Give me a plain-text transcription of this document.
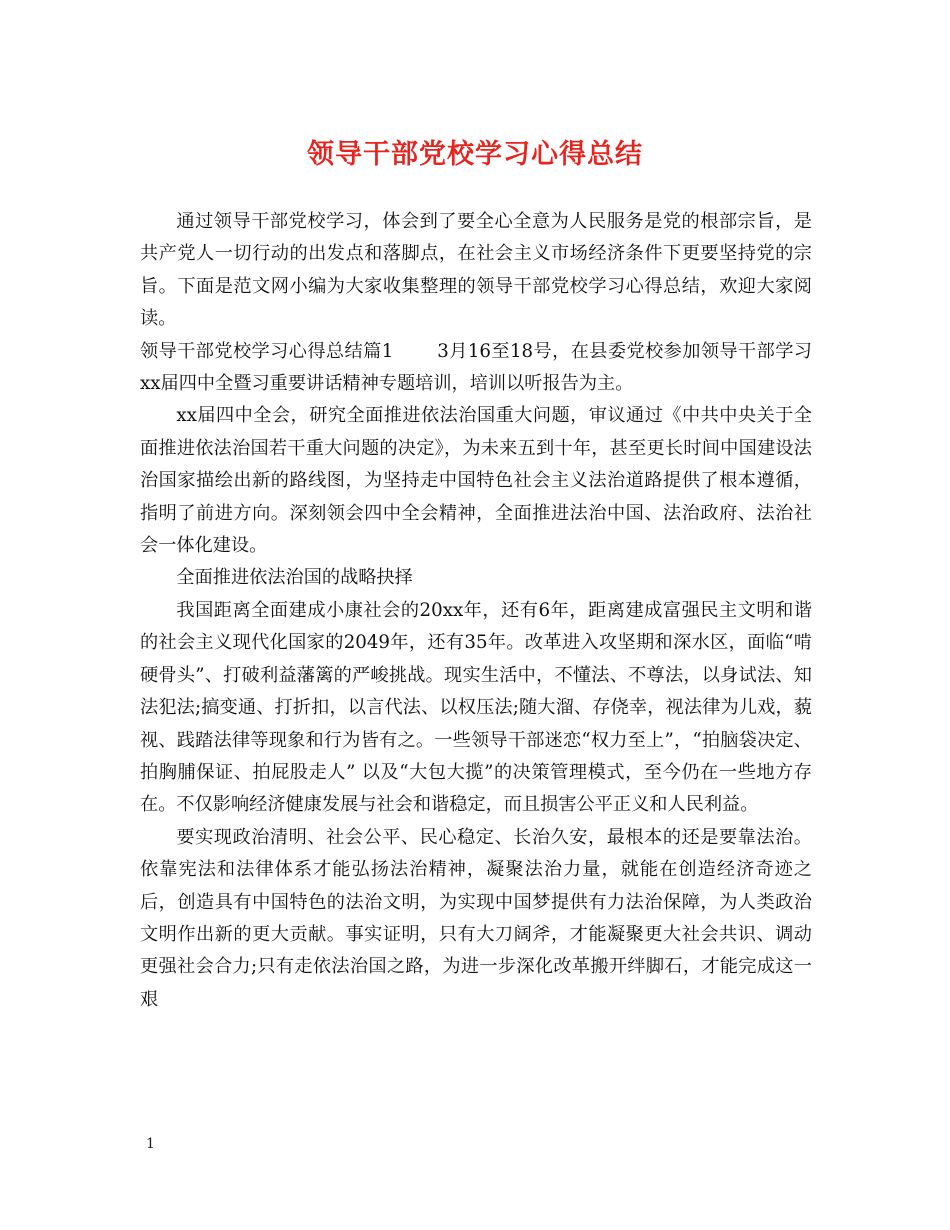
领导干部党校学习心得总结

通过领导干部党校学习，体会到了要全心全意为人民服务是党的根部宗旨，是共产党人一切行动的出发点和落脚点，在社会主义市场经济条件下更要坚持党的宗旨。下面是范文网小编为大家收集整理的领导干部党校学习心得总结，欢迎大家阅读。

领导干部党校学习心得总结篇1 3月16至18号，在县委党校参加领导干部学习xx届四中全暨习重要讲话精神专题培训，培训以听报告为主。

xx届四中全会，研究全面推进依法治国重大问题，审议通过《中共中央关于全面推进依法治国若干重大问题的决定》，为未来五到十年，甚至更长时间中国建设法治国家描绘出新的路线图，为坚持走中国特色社会主义法治道路提供了根本遵循，指明了前进方向。深刻领会四中全会精神，全面推进法治中国、法治政府、法治社会一体化建设。

全面推进依法治国的战略抉择

我国距离全面建成小康社会的20xx年，还有6年，距离建成富强民主文明和谐的社会主义现代化国家的2049年，还有35年。改革进入攻坚期和深水区，面临“啃硬骨头”、打破利益藩篱的严峻挑战。现实生活中，不懂法、不尊法，以身试法、知法犯法;搞变通、打折扣，以言代法、以权压法;随大溜、存侥幸，视法律为儿戏，藐视、践踏法律等现象和行为皆有之。一些领导干部迷恋“权力至上”，“拍脑袋决定、拍胸脯保证、拍屁股走人” 以及“大包大揽”的决策管理模式，至今仍在一些地方存在。不仅影响经济健康发展与社会和谐稳定，而且损害公平正义和人民利益。

要实现政治清明、社会公平、民心稳定、长治久安，最根本的还是要靠法治。依靠宪法和法律体系才能弘扬法治精神，凝聚法治力量，就能在创造经济奇迹之后，创造具有中国特色的法治文明，为实现中国梦提供有力法治保障，为人类政治文明作出新的更大贡献。事实证明，只有大刀阔斧，才能凝聚更大社会共识、调动更强社会合力;只有走依法治国之路，为进一步深化改革搬开绊脚石，才能完成这一艰

1
